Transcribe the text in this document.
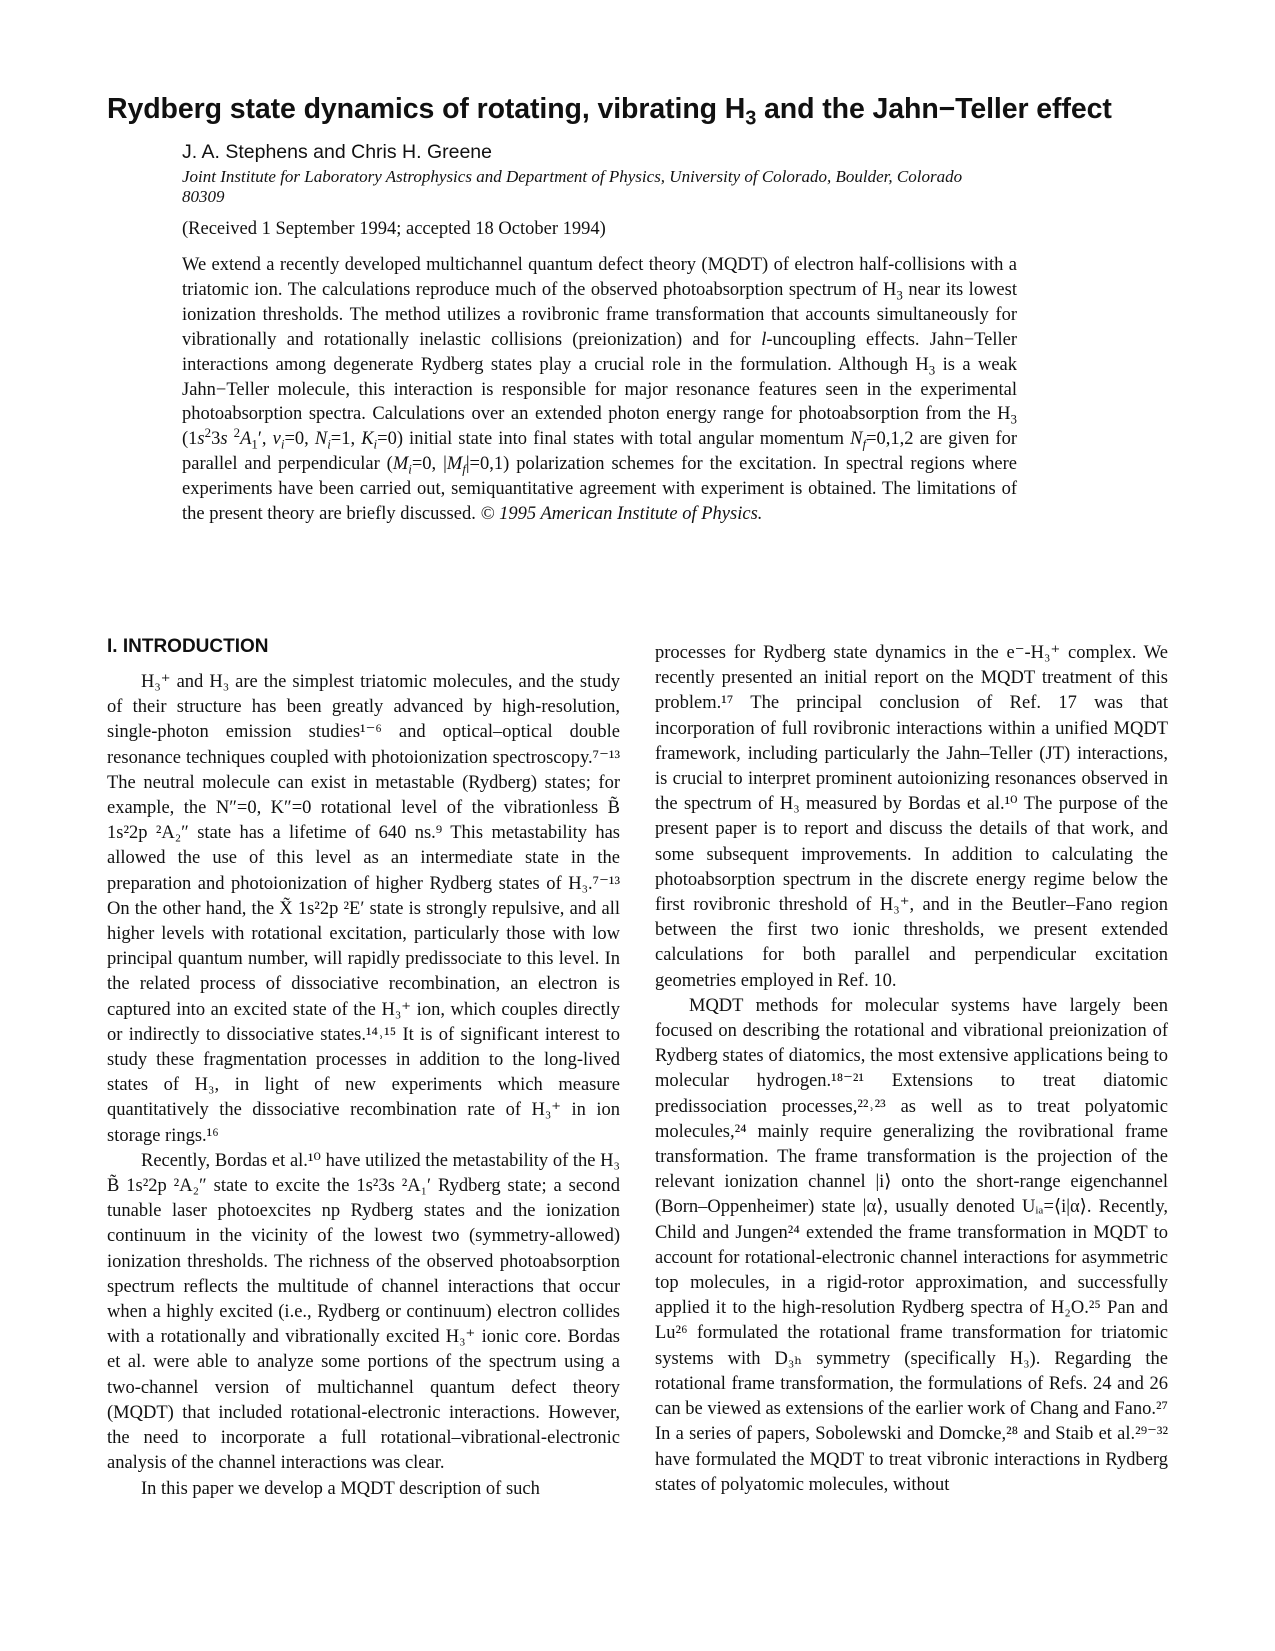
Rydberg state dynamics of rotating, vibrating $H_3$ and the Jahn−Teller effect
J. A. Stephens and Chris H. Greene
Joint Institute for Laboratory Astrophysics and Department of Physics, University of Colorado, Boulder, Colorado 80309
(Received 1 September 1994; accepted 18 October 1994)
We extend a recently developed multichannel quantum defect theory (MQDT) of electron half-collisions with a triatomic ion. The calculations reproduce much of the observed photoabsorption spectrum of $H_3$ near its lowest ionization thresholds. The method utilizes a rovibronic frame transformation that accounts simultaneously for vibrationally and rotationally inelastic collisions (preionization) and for l-uncoupling effects. Jahn−Teller interactions among degenerate Rydberg states play a crucial role in the formulation. Although $H_3$ is a weak Jahn−Teller molecule, this interaction is responsible for major resonance features seen in the experimental photoabsorption spectra. Calculations over an extended photon energy range for photoabsorption from the $H_3$ ($1s^23s$ $^2A_1'$, $v_i=0$, $N_i=1$, $K_i=0$) initial state into final states with total angular momentum $N_f=0,1,2$ are given for parallel and perpendicular ($M_i=0$, $|M_f|=0,1$) polarization schemes for the excitation. In spectral regions where experiments have been carried out, semiquantitative agreement with experiment is obtained. The limitations of the present theory are briefly discussed. © 1995 American Institute of Physics.
I. INTRODUCTION

H₃⁺ and H₃ are the simplest triatomic molecules, and the study of their structure has been greatly advanced by high-resolution, single-photon emission studies¹⁻⁶ and optical–optical double resonance techniques coupled with photoionization spectroscopy.⁷⁻¹³ The neutral molecule can exist in metastable (Rydberg) states; for example, the N″=0, K″=0 rotational level of the vibrationless B̃ 1s²2p ²A₂″ state has a lifetime of 640 ns.⁹ This metastability has allowed the use of this level as an intermediate state in the preparation and photoionization of higher Rydberg states of H₃.⁷⁻¹³ On the other hand, the X̃ 1s²2p ²E′ state is strongly repulsive, and all higher levels with rotational excitation, particularly those with low principal quantum number, will rapidly predissociate to this level. In the related process of dissociative recombination, an electron is captured into an excited state of the H₃⁺ ion, which couples directly or indirectly to dissociative states.¹⁴˒¹⁵ It is of significant interest to study these fragmentation processes in addition to the long-lived states of H₃, in light of new experiments which measure quantitatively the dissociative recombination rate of H₃⁺ in ion storage rings.¹⁶

Recently, Bordas et al.¹⁰ have utilized the metastability of the H₃ B̃ 1s²2p ²A₂″ state to excite the 1s²3s ²A₁′ Rydberg state; a second tunable laser photoexcites np Rydberg states and the ionization continuum in the vicinity of the lowest two (symmetry-allowed) ionization thresholds. The richness of the observed photoabsorption spectrum reflects the multitude of channel interactions that occur when a highly excited (i.e., Rydberg or continuum) electron collides with a rotationally and vibrationally excited H₃⁺ ionic core. Bordas et al. were able to analyze some portions of the spectrum using a two-channel version of multichannel quantum defect theory (MQDT) that included rotational-electronic interactions. However, the need to incorporate a full rotational–vibrational-electronic analysis of the channel interactions was clear.

In this paper we develop a MQDT description of such

processes for Rydberg state dynamics in the e⁻-H₃⁺ complex. We recently presented an initial report on the MQDT treatment of this problem.¹⁷ The principal conclusion of Ref. 17 was that incorporation of full rovibronic interactions within a unified MQDT framework, including particularly the Jahn–Teller (JT) interactions, is crucial to interpret prominent autoionizing resonances observed in the spectrum of H₃ measured by Bordas et al.¹⁰ The purpose of the present paper is to report and discuss the details of that work, and some subsequent improvements. In addition to calculating the photoabsorption spectrum in the discrete energy regime below the first rovibronic threshold of H₃⁺, and in the Beutler–Fano region between the first two ionic thresholds, we present extended calculations for both parallel and perpendicular excitation geometries employed in Ref. 10.

MQDT methods for molecular systems have largely been focused on describing the rotational and vibrational preionization of Rydberg states of diatomics, the most extensive applications being to molecular hydrogen.¹⁸⁻²¹ Extensions to treat diatomic predissociation processes,²²˒²³ as well as to treat polyatomic molecules,²⁴ mainly require generalizing the rovibrational frame transformation. The frame transformation is the projection of the relevant ionization channel |i⟩ onto the short-range eigenchannel (Born–Oppenheimer) state |α⟩, usually denoted Uᵢₐ=⟨i|α⟩. Recently, Child and Jungen²⁴ extended the frame transformation in MQDT to account for rotational-electronic channel interactions for asymmetric top molecules, in a rigid-rotor approximation, and successfully applied it to the high-resolution Rydberg spectra of H₂O.²⁵ Pan and Lu²⁶ formulated the rotational frame transformation for triatomic systems with D₃ₕ symmetry (specifically H₃). Regarding the rotational frame transformation, the formulations of Refs. 24 and 26 can be viewed as extensions of the earlier work of Chang and Fano.²⁷ In a series of papers, Sobolewski and Domcke,²⁸ and Staib et al.²⁹⁻³² have formulated the MQDT to treat vibronic interactions in Rydberg states of polyatomic molecules, without
